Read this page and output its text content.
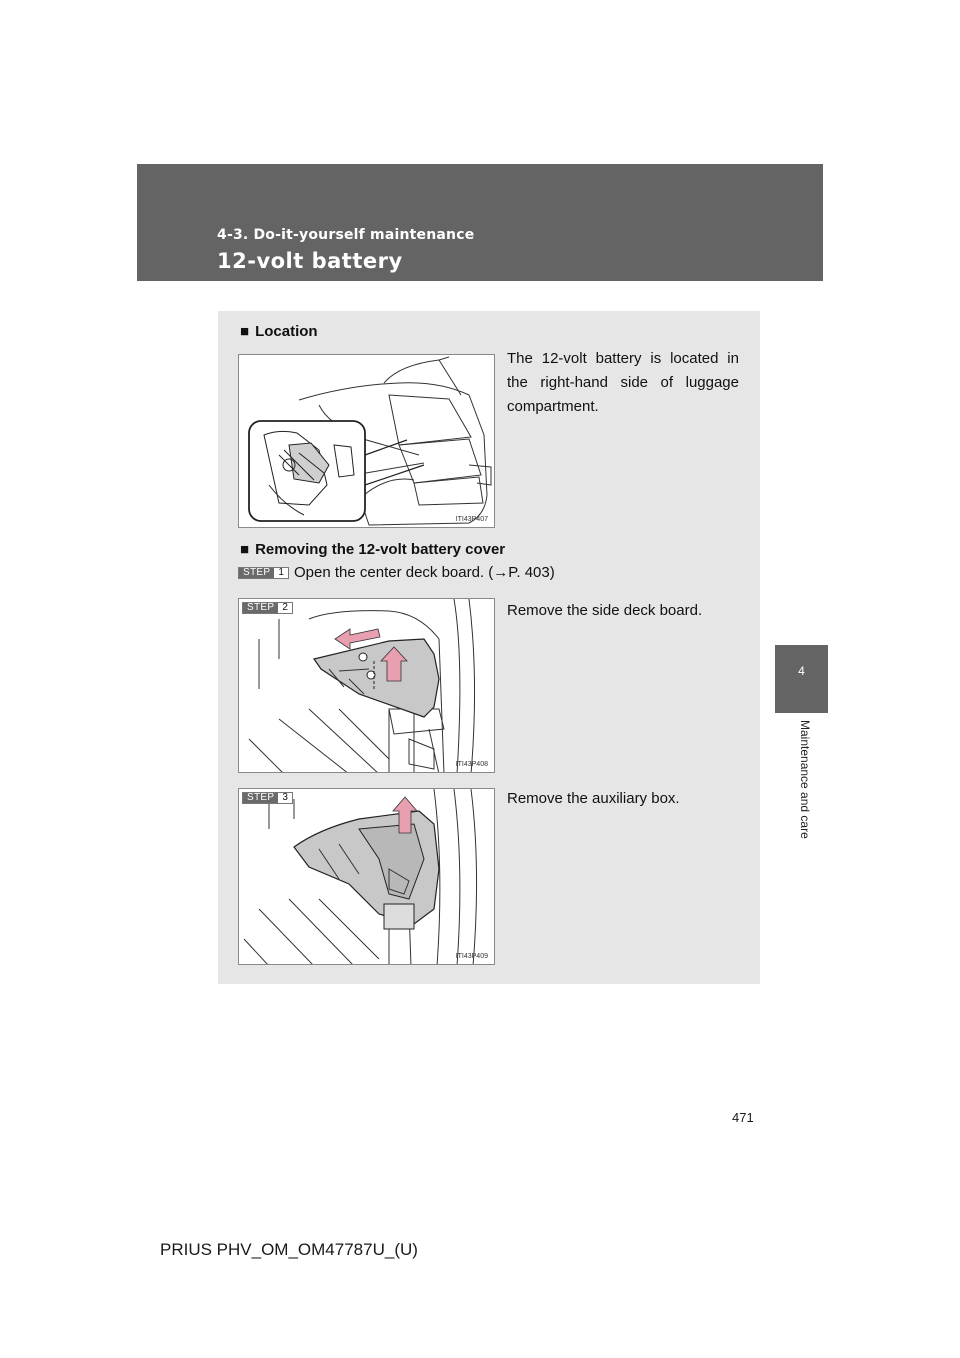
4-3. Do-it-yourself maintenance
12-volt battery
4
Maintenance and care
■ Location
The 12-volt battery is located in the right-hand side of luggage compartment.
ITI43P407
■ Removing the 12-volt battery cover
STEP 1 Open the center deck board. (→P. 403)
STEP 2
ITI43P408
Remove the side deck board.
STEP 3
ITI43P409
Remove the auxiliary box.
471
PRIUS PHV_OM_OM47787U_(U)
